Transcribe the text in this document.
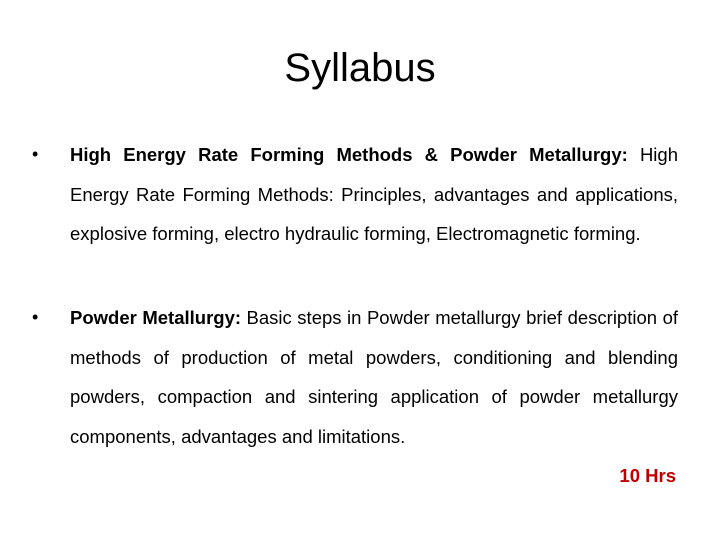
Syllabus
•	High Energy Rate Forming Methods & Powder Metallurgy: High Energy Rate Forming Methods: Principles, advantages and applications, explosive forming, electro hydraulic forming, Electromagnetic forming.
•	Powder Metallurgy: Basic steps in Powder metallurgy brief description of methods of production of metal powders, conditioning and blending powders, compaction and sintering application of powder metallurgy components, advantages and limitations.
10 Hrs
